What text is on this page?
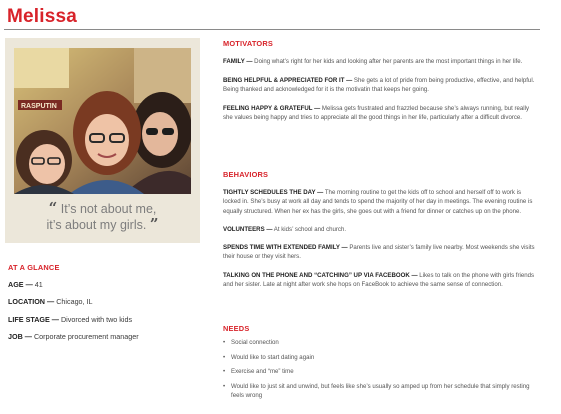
Melissa
RASPUTIN
“ It’s not about me,
it’s about my girls. ”
AT A GLANCE
AGE — 41
LOCATION — Chicago, IL
LIFE STAGE — Divorced with two kids
JOB — Corporate procurement manager
MOTIVATORS
FAMILY — Doing what’s right for her kids and looking after her parents are the most important things in her life.
BEING HELPFUL & APPRECIATED FOR IT — She gets a lot of pride from being productive, effective, and helpful. Being thanked and acknowledged for it is the motivatin that keeps her going.
FEELING HAPPY & GRATEFUL — Melissa gets frustrated and frazzled because she’s always running, but really she values being happy and tries to appreciate all the good things in her life, particularly after a difficult divorce.
BEHAVIORS
TIGHTLY SCHEDULES THE DAY — The morning routine to get the kids off to school and herself off to work is locked in. She’s busy at work all day and tends to spend the majority of her day in meetings. The evening routine is equally structured. When her ex has the girls, she goes out with a friend for dinner or catches up on the phone.
VOLUNTEERS — At kids’ school and church.
SPENDS TIME WITH EXTENDED FAMILY — Parents live and sister’s family live nearby. Most weekends she visits their house or they visit hers.
TALKING ON THE PHONE AND “CATCHING” UP VIA FACEBOOK — Likes to talk on the phone with girls friends and her sister. Late at night after work she hops on FaceBook to achieve the same sense of connection.
NEEDS
• Social connection
• Would like to start dating again
• Exercise and “me” time
• Would like to just sit and unwind, but feels like she’s usually so amped up from her schedule that simply resting feels wrong
